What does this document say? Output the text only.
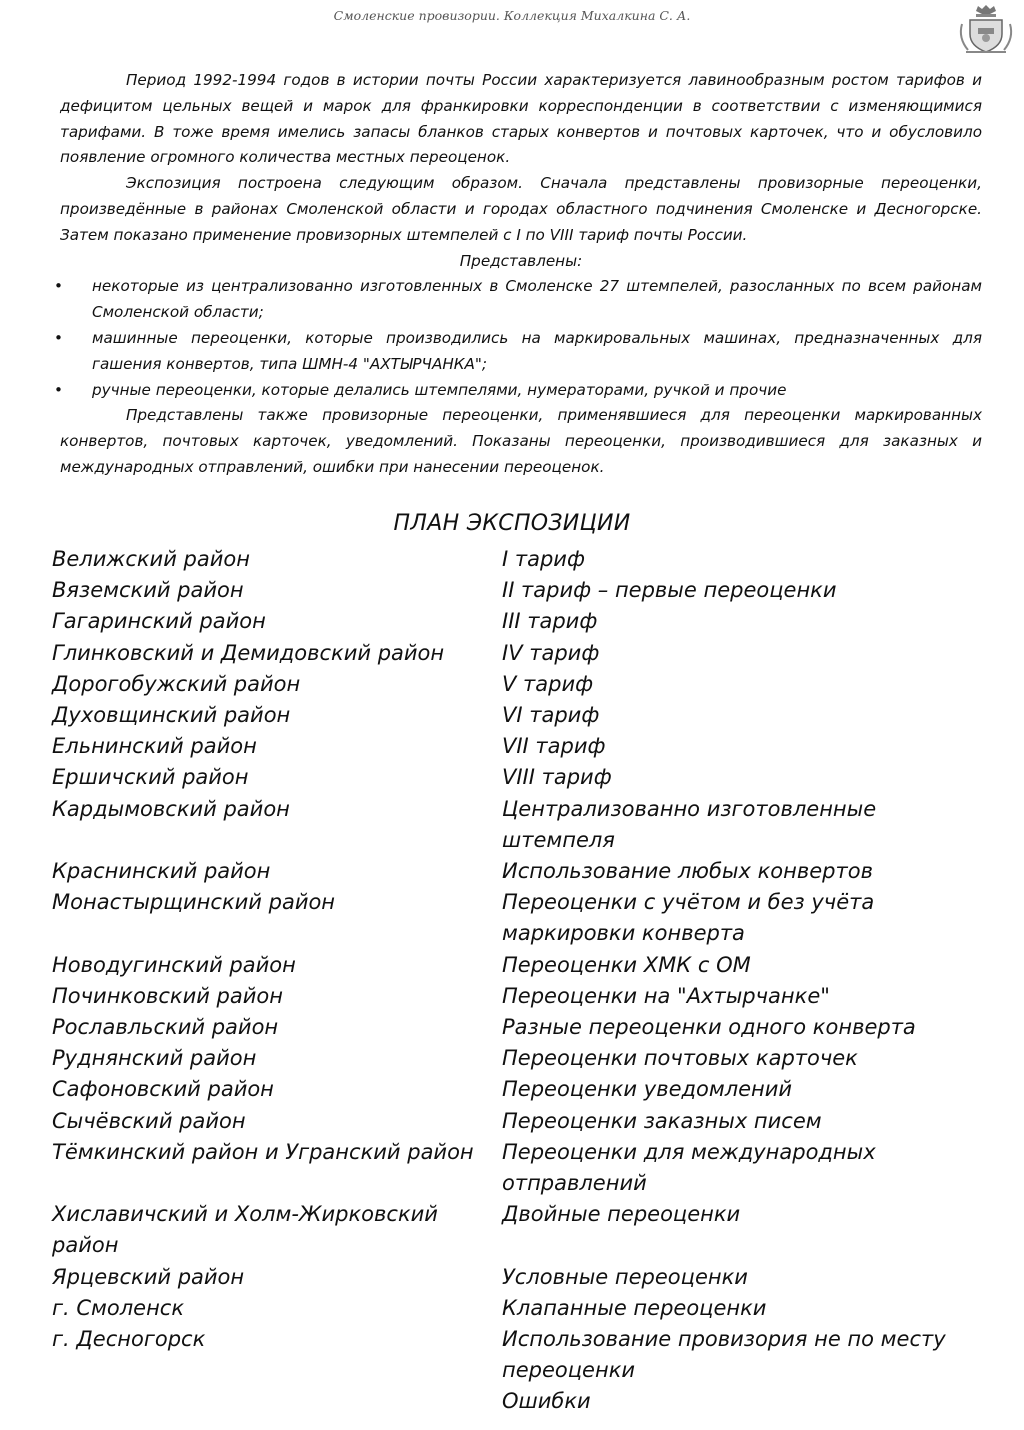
Смоленские провизории. Коллекция Михалкина С. А.

Период 1992-1994 годов в истории почты России характеризуется лавинообразным ростом тарифов и дефицитом цельных вещей и марок для франкировки корреспонденции в соответствии с изменяющимися тарифами. В тоже время имелись запасы бланков старых конвертов и почтовых карточек, что и обусловило появление огромного количества местных переоценок.

Экспозиция построена следующим образом. Сначала представлены провизорные переоценки, произведённые в районах Смоленской области и городах областного подчинения Смоленске и Десногорске. Затем показано применение провизорных штемпелей с I по VIII тариф почты России.

Представлены:

• некоторые из централизованно изготовленных в Смоленске 27 штемпелей, разосланных по всем районам Смоленской области;
• машинные переоценки, которые производились на маркировальных машинах, предназначенных для гашения конвертов, типа ШМН-4 "АХТЫРЧАНКА";
• ручные переоценки, которые делались штемпелями, нумераторами, ручкой и прочие

Представлены также провизорные переоценки, применявшиеся для переоценки маркированных конвертов, почтовых карточек, уведомлений. Показаны переоценки, производившиеся для заказных и международных отправлений, ошибки при нанесении переоценок.

ПЛАН ЭКСПОЗИЦИИ
Велижский район
Вяземский район
Гагаринский район
Глинковский и Демидовский район
Дорогобужский район
Духовщинский район
Ельнинский район
Ершичский район
Кардымовский район

Краснинский район
Монастырщинский район

Новодугинский район
Починковский район
Рославльский район
Руднянский район
Сафоновский район
Сычёвский район
Тёмкинский район и Угранский район

Хиславичский и Холм-Жирковский
район
Ярцевский район
г. Смоленск
г. Десногорск
I тариф
II тариф – первые переоценки
III тариф
IV тариф
V тариф
VI тариф
VII тариф
VIII тариф
Централизованно изготовленные
штемпеля
Использование любых конвертов
Переоценки с учётом и без учёта
маркировки конверта
Переоценки ХМК с ОМ
Переоценки на "Ахтырчанке"
Разные переоценки одного конверта
Переоценки почтовых карточек
Переоценки уведомлений
Переоценки заказных писем
Переоценки для международных
отправлений
Двойные переоценки

Условные переоценки
Клапанные переоценки
Использование провизория не по месту
переоценки
Ошибки
